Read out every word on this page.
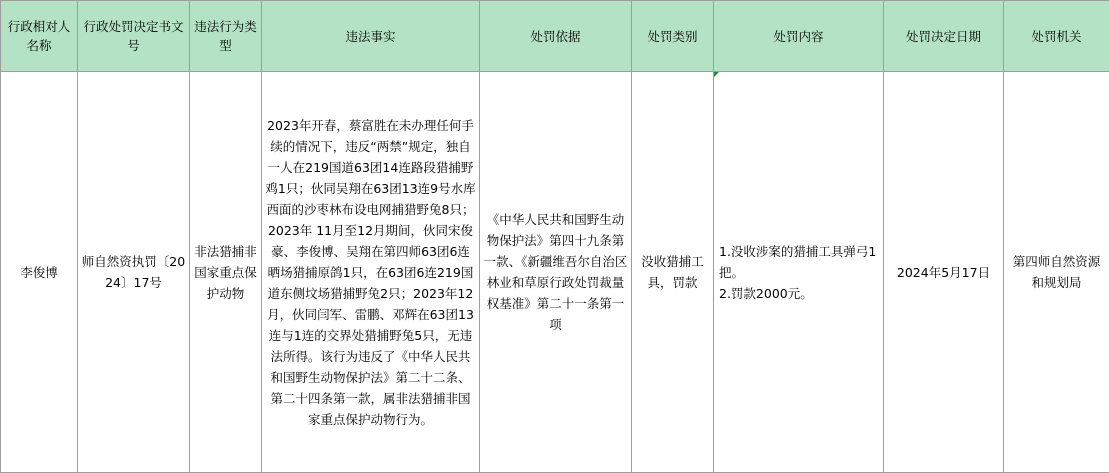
行政相对人名称	行政处罚决定书文号	违法行为类型	违法事实	处罚依据	处罚类别	处罚内容	处罚决定日期	处罚机关
李俊博	师自然资执罚〔2024〕17号	非法猎捕非国家重点保护动物	2023年开春，蔡富胜在未办理任何手续的情况下，违反“两禁”规定，独自一人在219国道63团14连路段猎捕野鸡1只；伙同吴翔在63团13连9号水库西面的沙枣林布设电网捕猎野兔8只；2023年 11月至12月期间，伙同宋俊豪、李俊博、吴翔在第四师63团6连晒场猎捕原鸽1只，在63团6连219国道东侧坟场猎捕野兔2只；2023年12月，伙同闫军、雷鹏、邓辉在63团13连与1连的交界处猎捕野兔5只，无违法所得。该行为违反了《中华人民共和国野生动物保护法》第二十二条、第二十四条第一款，属非法猎捕非国家重点保护动物行为。	《中华人民共和国野生动物保护法》第四十九条第一款、《新疆维吾尔自治区林业和草原行政处罚裁量权基准》第二十一条第一项	没收猎捕工具，罚款	1.没收涉案的猎捕工具弹弓1把。
2.罚款2000元。	2024年5月17日	第四师自然资源和规划局
